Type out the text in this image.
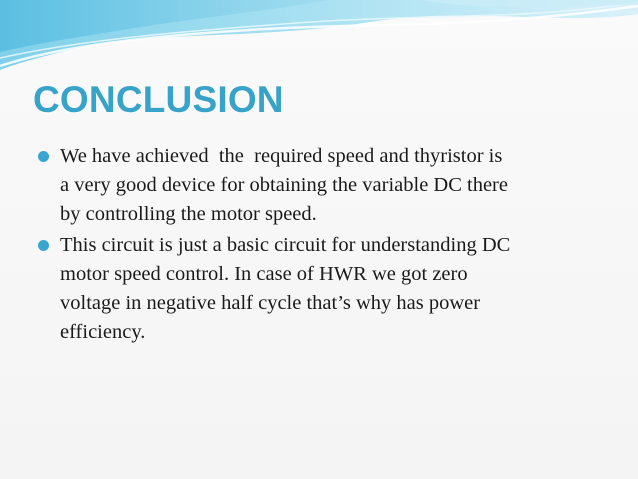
CONCLUSION
We have achieved  the  required speed and thyristor is
a very good device for obtaining the variable DC there
by controlling the motor speed.
This circuit is just a basic circuit for understanding DC
motor speed control. In case of HWR we got zero
voltage in negative half cycle that’s why has power
efficiency.
